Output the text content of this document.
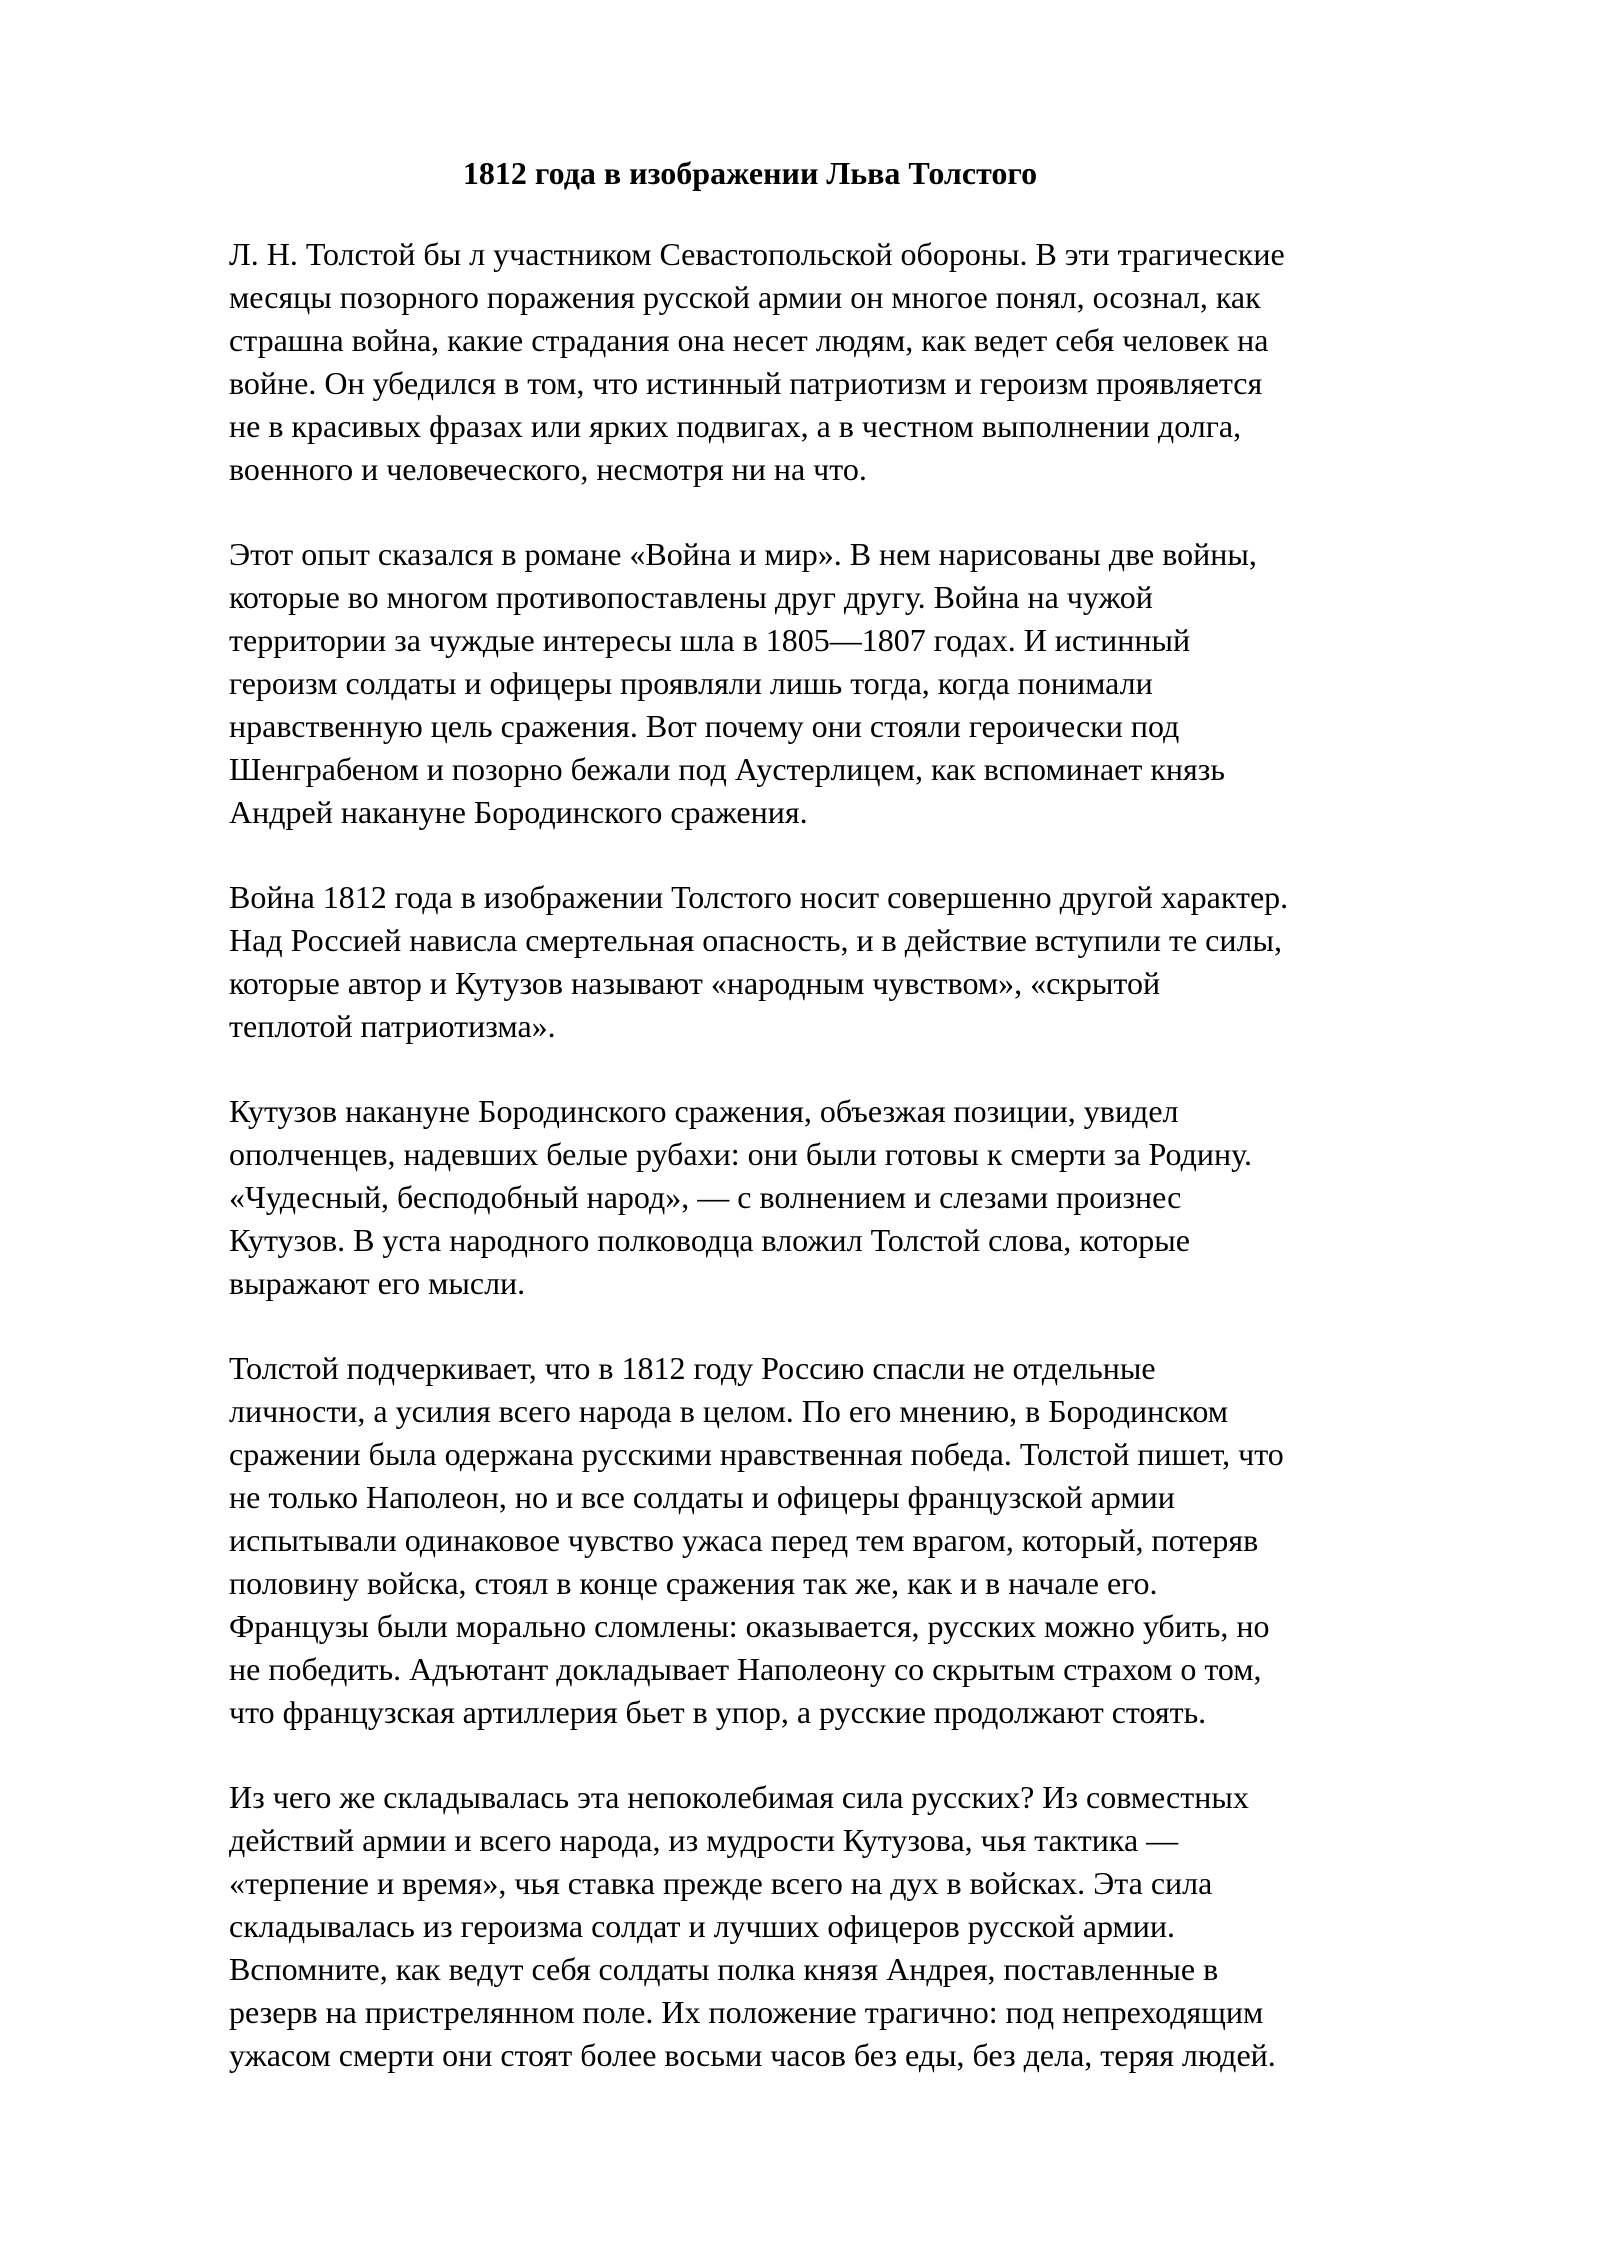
1812 года в изображении Льва Толстого
Л. Н. Толстой бы л участником Севастопольской обороны. В эти трагические
месяцы позорного поражения русской армии он многое понял, осознал, как
страшна война, какие страдания она несет людям, как ведет себя человек на
войне. Он убедился в том, что истинный патриотизм и героизм проявляется
не в красивых фразах или ярких подвигах, а в честном выполнении долга,
военного и человеческого, несмотря ни на что.
Этот опыт сказался в романе «Война и мир». В нем нарисованы две войны,
которые во многом противопоставлены друг другу. Война на чужой
территории за чуждые интересы шла в 1805—1807 годах. И истинный
героизм солдаты и офицеры проявляли лишь тогда, когда понимали
нравственную цель сражения. Вот почему они стояли героически под
Шенграбеном и позорно бежали под Аустерлицем, как вспоминает князь
Андрей накануне Бородинского сражения.
Война 1812 года в изображении Толстого носит совершенно другой характер.
Над Россией нависла смертельная опасность, и в действие вступили те силы,
которые автор и Кутузов называют «народным чувством», «скрытой
теплотой патриотизма».
Кутузов накануне Бородинского сражения, объезжая позиции, увидел
ополченцев, надевших белые рубахи: они были готовы к смерти за Родину.
«Чудесный, бесподобный народ», — с волнением и слезами произнес
Кутузов. В уста народного полководца вложил Толстой слова, которые
выражают его мысли.
Толстой подчеркивает, что в 1812 году Россию спасли не отдельные
личности, а усилия всего народа в целом. По его мнению, в Бородинском
сражении была одержана русскими нравственная победа. Толстой пишет, что
не только Наполеон, но и все солдаты и офицеры французской армии
испытывали одинаковое чувство ужаса перед тем врагом, который, потеряв
половину войска, стоял в конце сражения так же, как и в начале его.
Французы были морально сломлены: оказывается, русских можно убить, но
не победить. Адъютант докладывает Наполеону со скрытым страхом о том,
что французская артиллерия бьет в упор, а русские продолжают стоять.
Из чего же складывалась эта непоколебимая сила русских? Из совместных
действий армии и всего народа, из мудрости Кутузова, чья тактика —
«терпение и время», чья ставка прежде всего на дух в войсках. Эта сила
складывалась из героизма солдат и лучших офицеров русской армии.
Вспомните, как ведут себя солдаты полка князя Андрея, поставленные в
резерв на пристрелянном поле. Их положение трагично: под непреходящим
ужасом смерти они стоят более восьми часов без еды, без дела, теряя людей.
